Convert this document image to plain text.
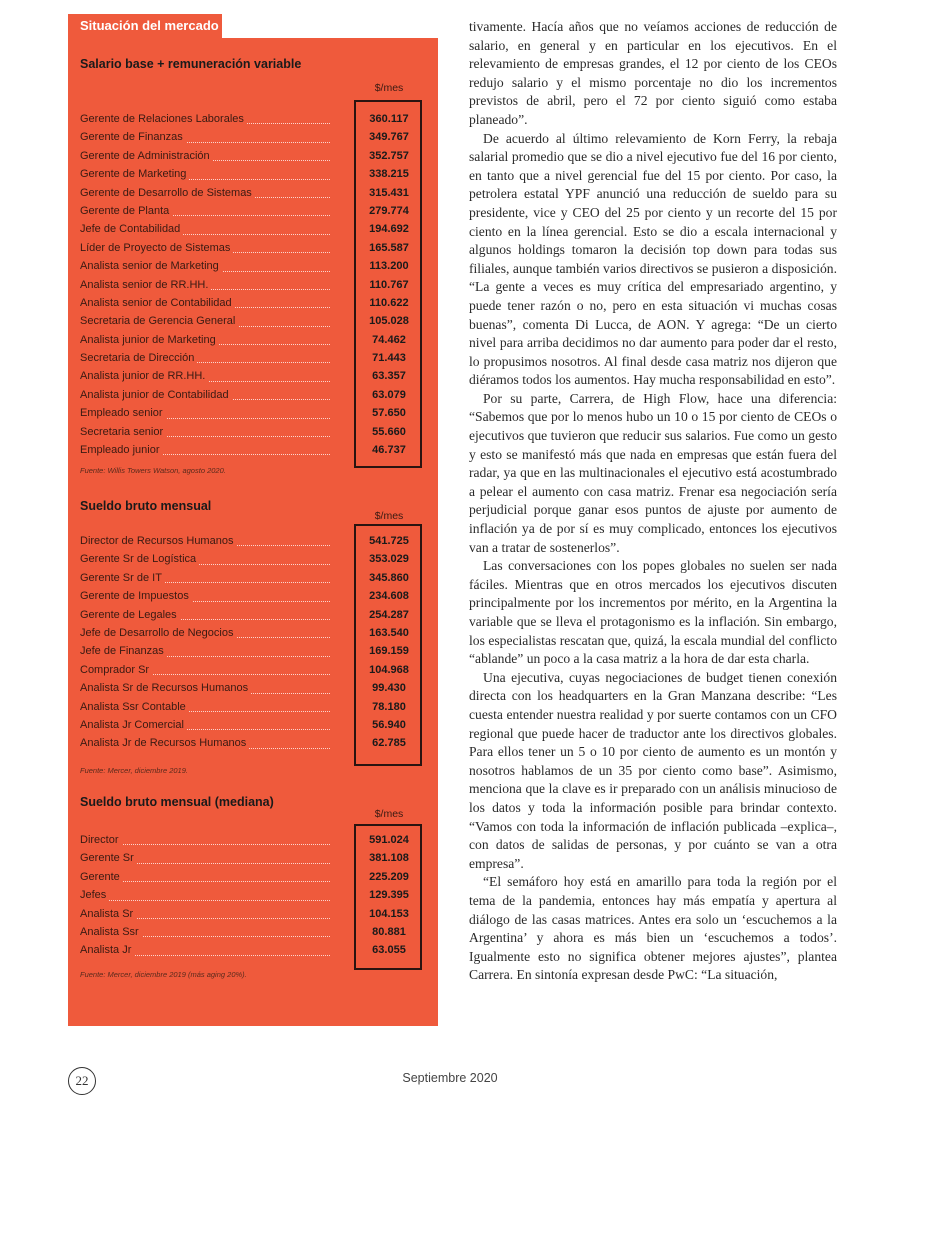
Situación del mercado
Salario base + remuneración variable
$/mes
Gerente de Relaciones Laborales	360.117
Gerente de Finanzas	349.767
Gerente de Administración	352.757
Gerente de Marketing	338.215
Gerente de Desarrollo de Sistemas	315.431
Gerente de Planta	279.774
Jefe de Contabilidad	194.692
Líder de Proyecto de Sistemas	165.587
Analista senior de Marketing	113.200
Analista senior de RR.HH.	110.767
Analista senior de Contabilidad	110.622
Secretaria de Gerencia General	105.028
Analista junior de Marketing	74.462
Secretaria de Dirección	71.443
Analista junior de RR.HH.	63.357
Analista junior de Contabilidad	63.079
Empleado senior	57.650
Secretaria senior	55.660
Empleado junior	46.737
Fuente: Willis Towers Watson, agosto 2020.
Sueldo bruto mensual
$/mes
Director de Recursos Humanos	541.725
Gerente Sr de Logística	353.029
Gerente Sr de IT	345.860
Gerente de Impuestos	234.608
Gerente de Legales	254.287
Jefe de Desarrollo de Negocios	163.540
Jefe de Finanzas	169.159
Comprador Sr	104.968
Analista Sr de Recursos Humanos	99.430
Analista Ssr Contable	78.180
Analista Jr Comercial	56.940
Analista Jr de Recursos Humanos	62.785
Fuente: Mercer, diciembre 2019.
Sueldo bruto mensual (mediana)
$/mes
Director	591.024
Gerente Sr	381.108
Gerente	225.209
Jefes	129.395
Analista Sr	104.153
Analista Ssr	80.881
Analista Jr	63.055
Fuente: Mercer, diciembre 2019 (más aging 20%).

tivamente. Hacía años que no veíamos acciones de reducción de salario, en general y en particular en los ejecutivos. En el relevamiento de empresas grandes, el 12 por ciento de los CEOs redujo salario y el mismo porcentaje no dio los incrementos previstos de abril, pero el 72 por ciento siguió como estaba planeado”.

De acuerdo al último relevamiento de Korn Ferry, la rebaja salarial promedio que se dio a nivel ejecutivo fue del 16 por ciento, en tanto que a nivel gerencial fue del 15 por ciento. Por caso, la petrolera estatal YPF anunció una reducción de sueldo para su presidente, vice y CEO del 25 por ciento y un recorte del 15 por ciento en la línea gerencial. Esto se dio a escala internacional y algunos holdings tomaron la decisión top down para todas sus filiales, aunque también varios directivos se pusieron a disposición. “La gente a veces es muy crítica del empresariado argentino, y puede tener razón o no, pero en esta situación vi muchas cosas buenas”, comenta Di Lucca, de AON. Y agrega: “De un cierto nivel para arriba decidimos no dar aumento para poder dar el resto, lo propusimos nosotros. Al final desde casa matriz nos dijeron que diéramos todos los aumentos. Hay mucha responsabilidad en esto”.

Por su parte, Carrera, de High Flow, hace una diferencia: “Sabemos que por lo menos hubo un 10 o 15 por ciento de CEOs o ejecutivos que tuvieron que reducir sus salarios. Fue como un gesto y esto se manifestó más que nada en empresas que están fuera del radar, ya que en las multinacionales el ejecutivo está acostumbrado a pelear el aumento con casa matriz. Frenar esa negociación sería perjudicial porque ganar esos puntos de ajuste por aumento de inflación ya de por sí es muy complicado, entonces los ejecutivos van a tratar de sostenerlos”.

Las conversaciones con los popes globales no suelen ser nada fáciles. Mientras que en otros mercados los ejecutivos discuten principalmente por los incrementos por mérito, en la Argentina la variable que se lleva el protagonismo es la inflación. Sin embargo, los especialistas rescatan que, quizá, la escala mundial del conflicto “ablande” un poco a la casa matriz a la hora de dar esta charla.

Una ejecutiva, cuyas negociaciones de budget tienen conexión directa con los headquarters en la Gran Manzana describe: “Les cuesta entender nuestra realidad y por suerte contamos con un CFO regional que puede hacer de traductor ante los directivos globales. Para ellos tener un 5 o 10 por ciento de aumento es un montón y nosotros hablamos de un 35 por ciento como base”. Asimismo, menciona que la clave es ir preparado con un análisis minucioso de los datos y toda la información posible para brindar contexto. “Vamos con toda la información de inflación publicada –explica–, con datos de salidas de personas, y por cuánto se van a otra empresa”.

“El semáforo hoy está en amarillo para toda la región por el tema de la pandemia, entonces hay más empatía y apertura al diálogo de las casas matrices. Antes era solo un ‘escuchemos a la Argentina’ y ahora es más bien un ‘escuchemos a todos’. Igualmente esto no significa obtener mejores ajustes”, plantea Carrera. En sintonía expresan desde PwC: “La situación,

22	Septiembre 2020
